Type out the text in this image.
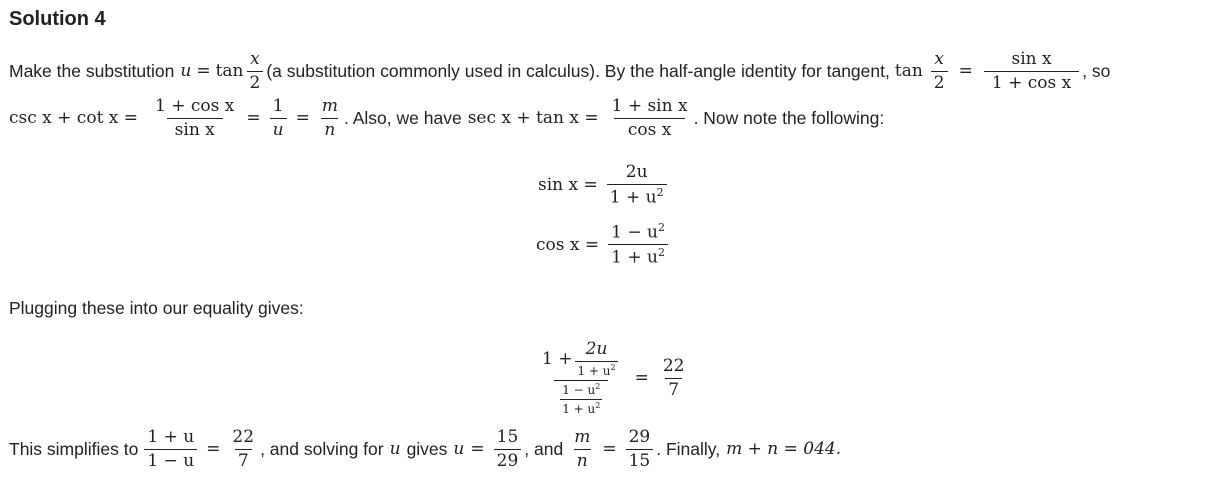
Solution 4
Make the substitution $u = \tan \frac{x}{2} (a$ substitution commonly used in calculus). By the half-angle identity for tangent, $\tan \frac{x}{2} = \frac{\text{sin x}}{\text{1 + cos x}}$ , so
$\csc x + \cot x = \frac{\text{1 + cos x}}{\text{sin x}} = \frac{1}{u} = \frac{m}{n}$ . Also, we have $\sec x + \tan x = \frac{\text{1 + sin x}}{\text{cos x}}$ . Now note the following:
$\sin x = \frac{2u}{1 + u^2}$
$\cos x = \frac{1 - u^2}{1 + u^2}$
Plugging these into our equality gives:
$\frac{1 + \frac{2u}{1 + u^2}}{\frac{1 - u^2}{1 + u^2}} = \frac{22}{7}$
This simplifies to $\frac{1 + u}{1 - u} = \frac{22}{7}$ , and solving for u gives $u = \frac{15}{29}$ , and $\frac{m}{n} = \frac{29}{15}$ . Finally, m + n = 044.
